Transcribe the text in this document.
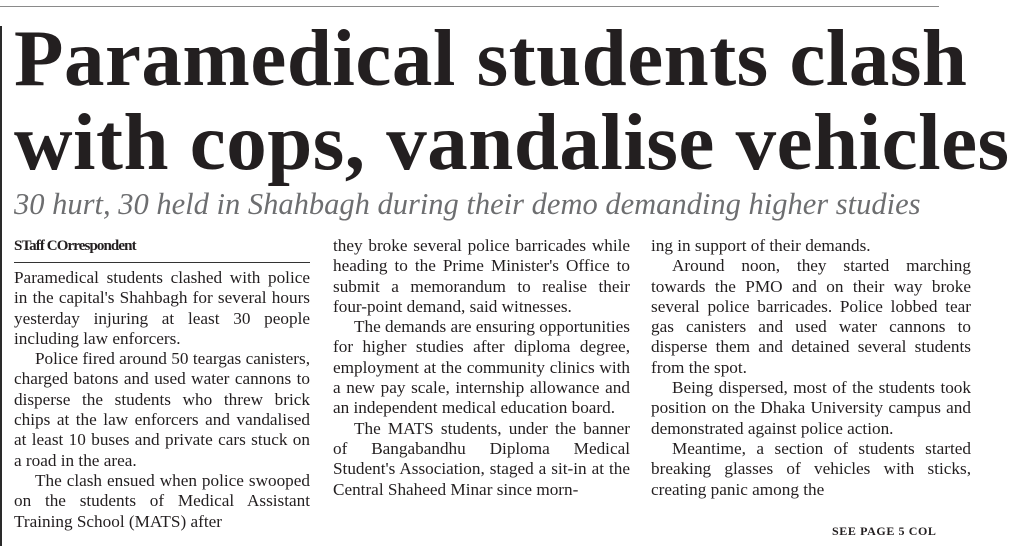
Paramedical students clash
with cops, vandalise vehicles

30 hurt, 30 held in Shahbagh during their demo demanding higher studies

STaff COrrespondent

Paramedical students clashed with police in the capital's Shahbagh for several hours yesterday injuring at least 30 people including law enforcers.

Police fired around 50 teargas canisters, charged batons and used water cannons to disperse the students who threw brick chips at the law enforcers and vandalised at least 10 buses and private cars stuck on a road in the area.

The clash ensued when police swooped on the students of Medical Assistant Training School (MATS) after

they broke several police barricades while heading to the Prime Minister's Office to submit a memorandum to realise their four-point demand, said witnesses.

The demands are ensuring opportunities for higher studies after diploma degree, employment at the community clinics with a new pay scale, internship allowance and an independent medical education board.

The MATS students, under the banner of Bangabandhu Diploma Medical Student's Association, staged a sit-in at the Central Shaheed Minar since morn-

ing in support of their demands.

Around noon, they started marching towards the PMO and on their way broke several police barricades. Police lobbed tear gas canisters and used water cannons to disperse them and detained several students from the spot.

Being dispersed, most of the students took position on the Dhaka University campus and demonstrated against police action.

Meantime, a section of students started breaking glasses of vehicles with sticks, creating panic among the

SEE PAGE 5 COL
